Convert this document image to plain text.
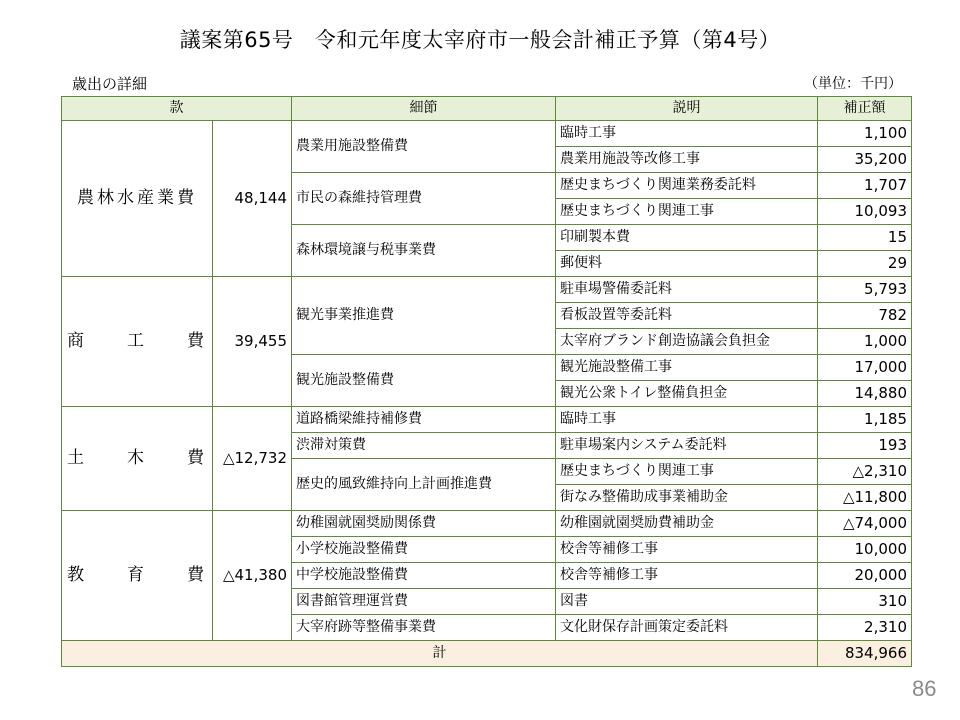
議案第65号　令和元年度太宰府市一般会計補正予算（第4号）
歳出の詳細	（単位：千円）
款		細節	説明	補正額
農林水産業費	48,144	農業用施設整備費	臨時工事	1,100
			農業用施設等改修工事	35,200
		市民の森維持管理費	歴史まちづくり関連業務委託料	1,707
			歴史まちづくり関連工事	10,093
		森林環境譲与税事業費	印刷製本費	15
			郵便料	29
商　　工　　費	39,455	観光事業推進費	駐車場警備委託料	5,793
			看板設置等委託料	782
			太宰府ブランド創造協議会負担金	1,000
		観光施設整備費	観光施設整備工事	17,000
			観光公衆トイレ整備負担金	14,880
土　　木　　費	△12,732	道路橋梁維持補修費	臨時工事	1,185
		渋滞対策費	駐車場案内システム委託料	193
		歴史的風致維持向上計画推進費	歴史まちづくり関連工事	△2,310
			街なみ整備助成事業補助金	△11,800
教　　育　　費	△41,380	幼稚園就園奨励関係費	幼稚園就園奨励費補助金	△74,000
		小学校施設整備費	校舎等補修工事	10,000
		中学校施設整備費	校舎等補修工事	20,000
		図書館管理運営費	図書	310
		大宰府跡等整備事業費	文化財保存計画策定委託料	2,310
計				834,966
86
